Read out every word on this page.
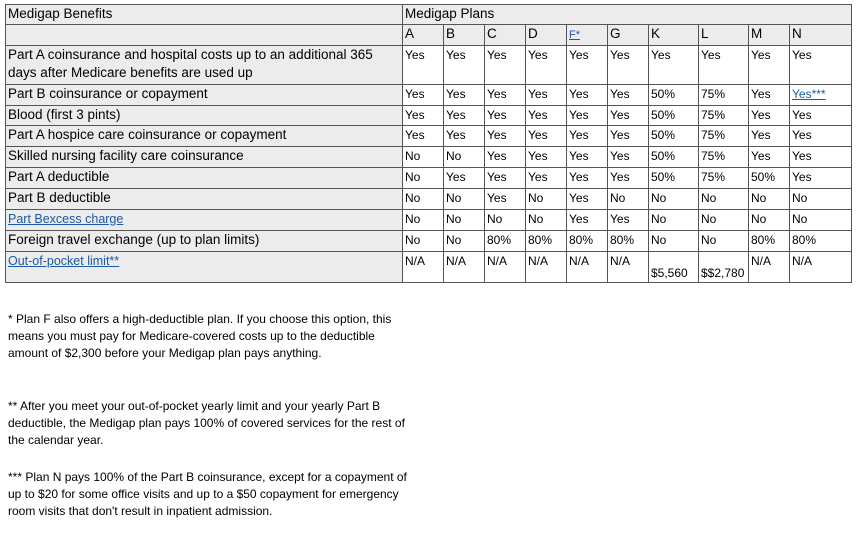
Medigap Benefits	Medigap Plans									
	A	B	C	D	F*	G	K	L	M	N
Part A coinsurance and hospital costs up to an additional 365 days after Medicare benefits are used up	Yes	Yes	Yes	Yes	Yes	Yes	Yes	Yes	Yes	Yes
Part B coinsurance or copayment	Yes	Yes	Yes	Yes	Yes	Yes	50%	75%	Yes	Yes***
Blood (first 3 pints)	Yes	Yes	Yes	Yes	Yes	Yes	50%	75%	Yes	Yes
Part A hospice care coinsurance or copayment	Yes	Yes	Yes	Yes	Yes	Yes	50%	75%	Yes	Yes
Skilled nursing facility care coinsurance	No	No	Yes	Yes	Yes	Yes	50%	75%	Yes	Yes
Part A deductible	No	Yes	Yes	Yes	Yes	Yes	50%	75%	50%	Yes
Part B deductible	No	No	Yes	No	Yes	No	No	No	No	No
Part Bexcess charge	No	No	No	No	Yes	Yes	No	No	No	No
Foreign travel exchange (up to plan limits)	No	No	80%	80%	80%	80%	No	No	80%	80%
Out-of-pocket limit**	N/A	N/A	N/A	N/A	N/A	N/A	$5,560	$$2,780	N/A	N/A

* Plan F also offers a high-deductible plan. If you choose this option, this means you must pay for Medicare-covered costs up to the deductible amount of $2,300 before your Medigap plan pays anything.

** After you meet your out-of-pocket yearly limit and your yearly Part B deductible, the Medigap plan pays 100% of covered services for the rest of the calendar year.

*** Plan N pays 100% of the Part B coinsurance, except for a copayment of up to $20 for some office visits and up to a $50 copayment for emergency room visits that don't result in inpatient admission.
